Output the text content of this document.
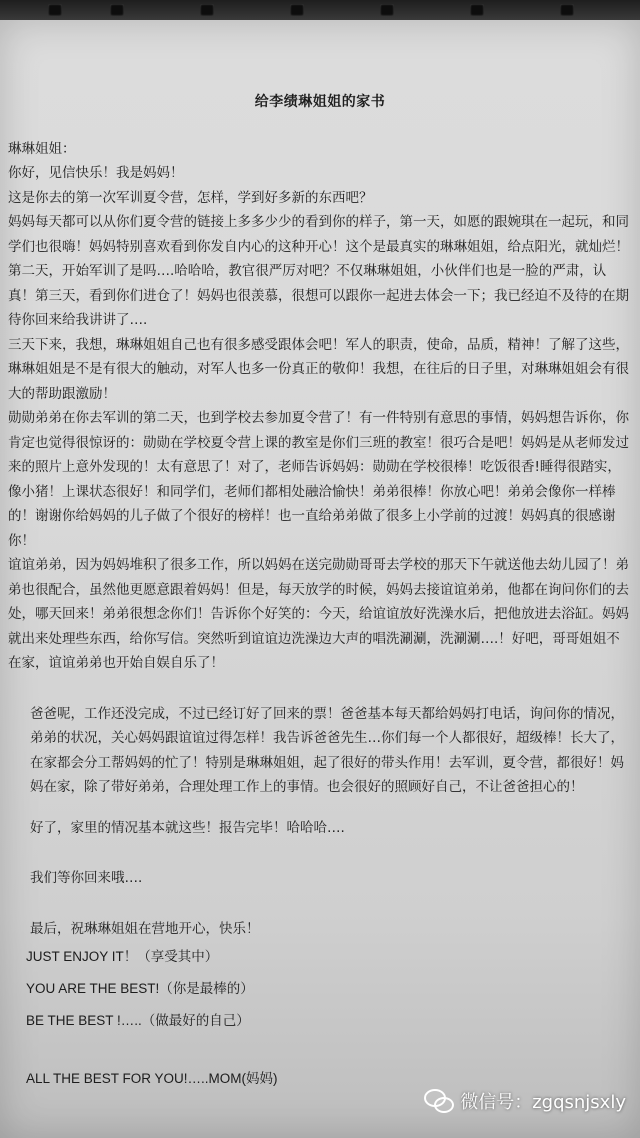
给李绩琳姐姐的家书

琳琳姐姐：

你好，见信快乐！我是妈妈！

这是你去的第一次军训夏令营，怎样，学到好多新的东西吧？

妈妈每天都可以从你们夏令营的链接上多多少少的看到你的样子，第一天，如愿的跟婉琪在一起玩，和同学们也很嗨！妈妈特别喜欢看到你发自内心的这种开心！这个是最真实的琳琳姐姐，给点阳光，就灿烂！第二天，开始军训了是吗….哈哈哈，教官很严厉对吧？不仅琳琳姐姐，小伙伴们也是一脸的严肃，认真！第三天，看到你们进仓了！妈妈也很羡慕，很想可以跟你一起进去体会一下；我已经迫不及待的在期待你回来给我讲讲了….

三天下来，我想，琳琳姐姐自己也有很多感受跟体会吧！军人的职责，使命，品质，精神！了解了这些，琳琳姐姐是不是有很大的触动，对军人也多一份真正的敬仰！我想，在往后的日子里，对琳琳姐姐会有很大的帮助跟激励！

勋勋弟弟在你去军训的第二天，也到学校去参加夏令营了！有一件特别有意思的事情，妈妈想告诉你，你肯定也觉得很惊讶的：勋勋在学校夏令营上课的教室是你们三班的教室！很巧合是吧！妈妈是从老师发过来的照片上意外发现的！太有意思了！对了，老师告诉妈妈：勋勋在学校很棒！吃饭很香!睡得很踏实，像小猪！上课状态很好！和同学们，老师们都相处融洽愉快！弟弟很棒！你放心吧！弟弟会像你一样棒的！谢谢你给妈妈的儿子做了个很好的榜样！也一直给弟弟做了很多上小学前的过渡！妈妈真的很感谢你！

谊谊弟弟，因为妈妈堆积了很多工作，所以妈妈在送完勋勋哥哥去学校的那天下午就送他去幼儿园了！弟弟也很配合，虽然他更愿意跟着妈妈！但是，每天放学的时候，妈妈去接谊谊弟弟，他都在询问你们的去处，哪天回来！弟弟很想念你们！告诉你个好笑的：今天，给谊谊放好洗澡水后，把他放进去浴缸。妈妈就出来处理些东西，给你写信。突然听到谊谊边洗澡边大声的唱洗涮涮，洗涮涮….！好吧，哥哥姐姐不在家，谊谊弟弟也开始自娱自乐了！

爸爸呢，工作还没完成，不过已经订好了回来的票！爸爸基本每天都给妈妈打电话，询问你的情况，弟弟的状况，关心妈妈跟谊谊过得怎样！我告诉爸爸先生…你们每一个人都很好，超级棒！长大了，在家都会分工帮妈妈的忙了！特别是琳琳姐姐，起了很好的带头作用！去军训，夏令营，都很好！妈妈在家，除了带好弟弟，合理处理工作上的事情。也会很好的照顾好自己，不让爸爸担心的！

好了，家里的情况基本就这些！报告完毕！哈哈哈….

我们等你回来哦….

最后，祝琳琳姐姐在营地开心，快乐！

JUST ENJOY IT！（享受其中）

YOU ARE THE BEST!（你是最棒的）

BE THE BEST !…..（做最好的自己）

ALL THE BEST FOR YOU!…..MOM(妈妈)

微信号：zgqsnjsxly
